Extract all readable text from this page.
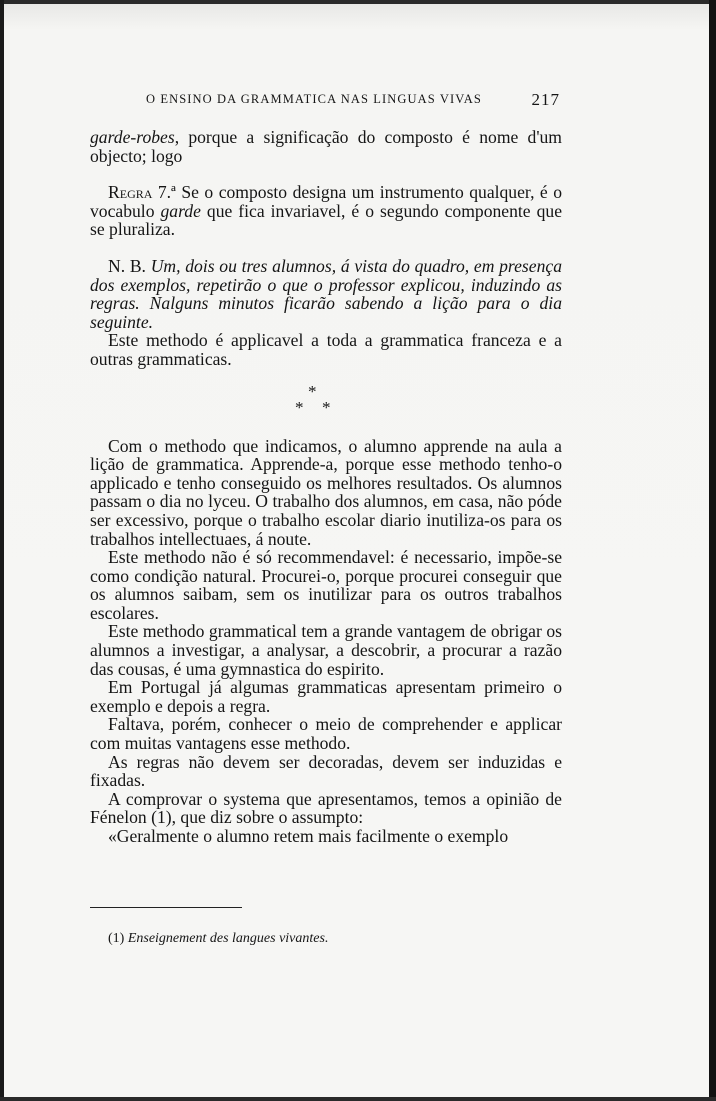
O ENSINO DA GRAMMATICA NAS LINGUAS VIVAS	217

garde-robes, porque a significação do composto é nome d'um objecto; logo

Regra 7.ª Se o composto designa um instrumento qualquer, é o vocabulo garde que fica invariavel, é o segundo componente que se pluraliza.

N. B. Um, dois ou tres alumnos, á vista do quadro, em presença dos exemplos, repetirão o que o professor explicou, induzindo as regras. Nalguns minutos ficarão sabendo a lição para o dia seguinte.

Este methodo é applicavel a toda a grammatica franceza e a outras grammaticas.

*
* *

Com o methodo que indicamos, o alumno apprende na aula a lição de grammatica. Apprende-a, porque esse methodo tenho-o applicado e tenho conseguido os melhores resultados. Os alumnos passam o dia no lyceu. O trabalho dos alumnos, em casa, não póde ser excessivo, porque o trabalho escolar diario inutiliza-os para os trabalhos intellectuaes, á noute.

Este methodo não é só recommendavel: é necessario, impõe-se como condição natural. Procurei-o, porque procurei conseguir que os alumnos saibam, sem os inutilizar para os outros trabalhos escolares.

Este methodo grammatical tem a grande vantagem de obrigar os alumnos a investigar, a analysar, a descobrir, a procurar a razão das cousas, é uma gymnastica do espirito.

Em Portugal já algumas grammaticas apresentam primeiro o exemplo e depois a regra.

Faltava, porém, conhecer o meio de comprehender e applicar com muitas vantagens esse methodo.

As regras não devem ser decoradas, devem ser induzidas e fixadas.

A comprovar o systema que apresentamos, temos a opinião de Fénelon (1), que diz sobre o assumpto:

«Geralmente o alumno retem mais facilmente o exemplo

(1) Enseignement des langues vivantes.
